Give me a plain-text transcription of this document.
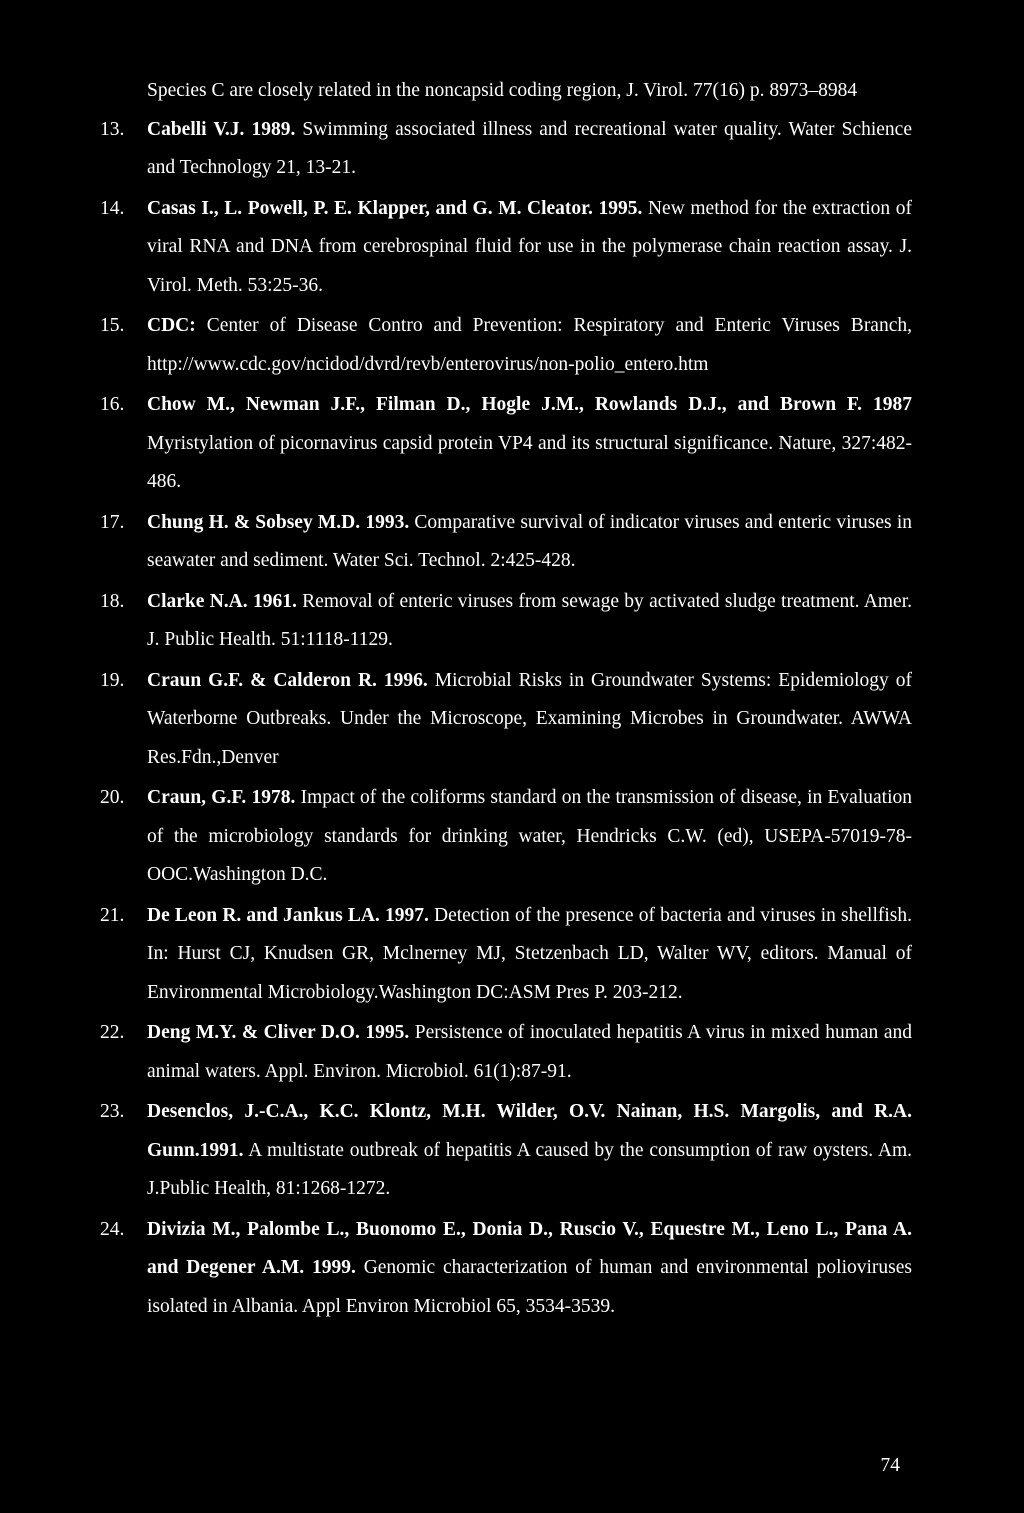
Species C are closely related in the noncapsid coding region, J. Virol. 77(16) p. 8973–8984
13.	Cabelli V.J. 1989. Swimming associated illness and recreational water quality. Water Schience and Technology 21, 13-21.
14.	Casas I., L. Powell, P. E. Klapper, and G. M. Cleator. 1995. New method for the extraction of viral RNA and DNA from cerebrospinal fluid for use in the polymerase chain reaction assay. J. Virol. Meth. 53:25-36.
15.	CDC: Center of Disease Contro and Prevention: Respiratory and Enteric Viruses Branch, http://www.cdc.gov/ncidod/dvrd/revb/enterovirus/non-polio_entero.htm
16.	Chow M., Newman J.F., Filman D., Hogle J.M., Rowlands D.J., and Brown F. 1987 Myristylation of picornavirus capsid protein VP4 and its structural significance. Nature, 327:482-486.
17.	Chung H. & Sobsey M.D. 1993. Comparative survival of indicator viruses and enteric viruses in seawater and sediment. Water Sci. Technol. 2:425-428.
18.	Clarke N.A. 1961. Removal of enteric viruses from sewage by activated sludge treatment. Amer. J. Public Health. 51:1118-1129.
19.	Craun G.F. & Calderon R. 1996. Microbial Risks in Groundwater Systems: Epidemiology of Waterborne Outbreaks. Under the Microscope, Examining Microbes in Groundwater. AWWA Res.Fdn.,Denver
20.	Craun, G.F. 1978. Impact of the coliforms standard on the transmission of disease, in Evaluation of the microbiology standards for drinking water, Hendricks C.W. (ed), USEPA-57019-78-OOC.Washington D.C.
21.	De Leon R. and Jankus LA. 1997. Detection of the presence of bacteria and viruses in shellfish. In: Hurst CJ, Knudsen GR, Mclnerney MJ, Stetzenbach LD, Walter WV, editors. Manual of Environmental Microbiology.Washington DC:ASM Pres P. 203-212.
22.	Deng M.Y. & Cliver D.O. 1995. Persistence of inoculated hepatitis A virus in mixed human and animal waters. Appl. Environ. Microbiol. 61(1):87-91.
23.	Desenclos, J.-C.A., K.C. Klontz, M.H. Wilder, O.V. Nainan, H.S. Margolis, and R.A. Gunn.1991. A multistate outbreak of hepatitis A caused by the consumption of raw oysters. Am. J.Public Health, 81:1268-1272.
24.	Divizia M., Palombe L., Buonomo E., Donia D., Ruscio V., Equestre M., Leno L., Pana A. and Degener A.M. 1999. Genomic characterization of human and environmental polioviruses isolated in Albania. Appl Environ Microbiol 65, 3534-3539.
74
